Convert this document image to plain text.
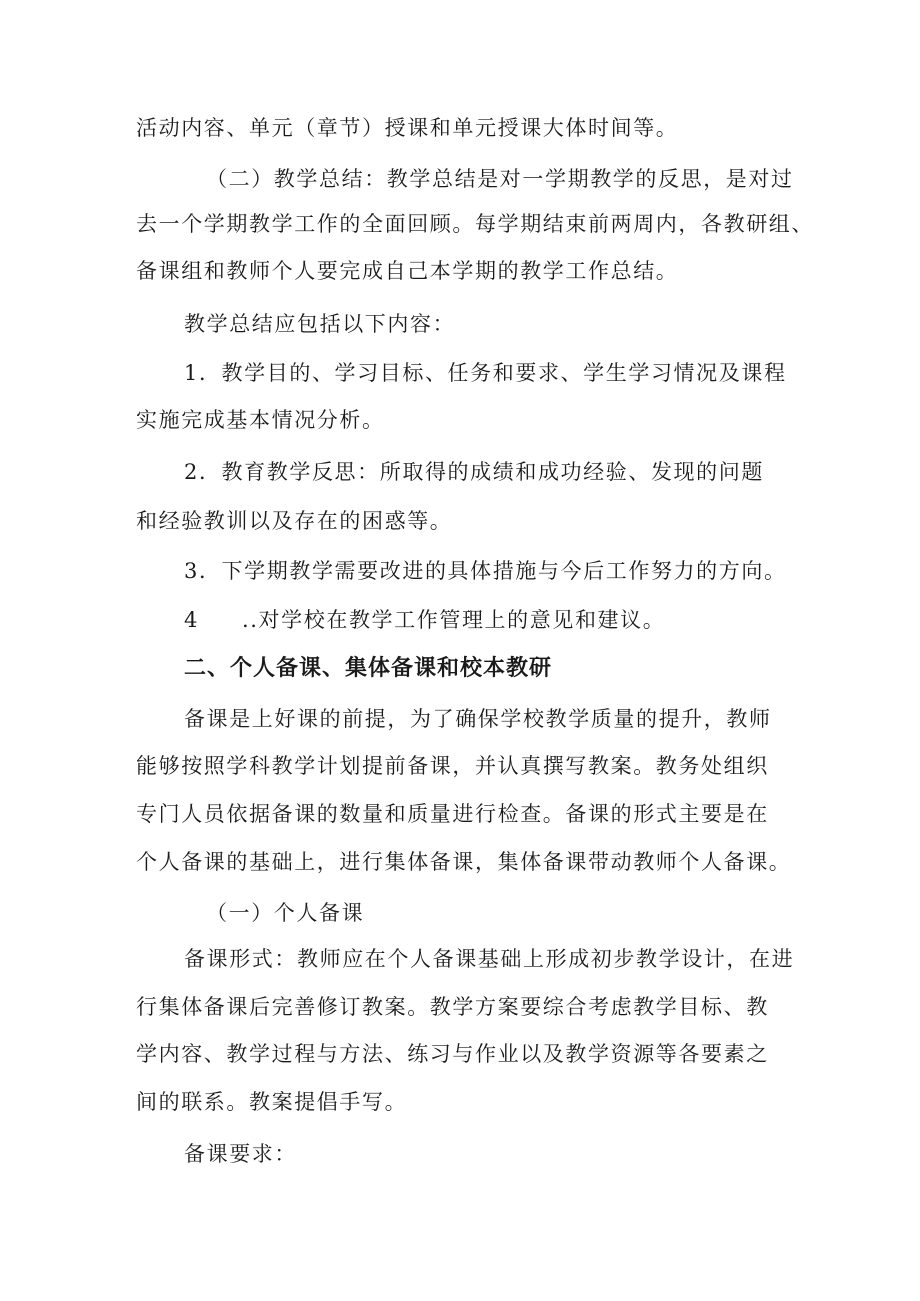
活动内容、单元（章节）授课和单元授课大体时间等。
（二）教学总结：教学总结是对一学期教学的反思，是对过
去一个学期教学工作的全面回顾。每学期结束前两周内，各教研组、
备课组和教师个人要完成自己本学期的教学工作总结。
教学总结应包括以下内容：
1．教学目的、学习目标、任务和要求、学生学习情况及课程
实施完成基本情况分析。
2．教育教学反思：所取得的成绩和成功经验、发现的问题
和经验教训以及存在的困惑等。
3．下学期教学需要改进的具体措施与今后工作努力的方向。
4 ..对学校在教学工作管理上的意见和建议。
二、个人备课、集体备课和校本教研
备课是上好课的前提，为了确保学校教学质量的提升，教师
能够按照学科教学计划提前备课，并认真撰写教案。教务处组织
专门人员依据备课的数量和质量进行检查。备课的形式主要是在
个人备课的基础上，进行集体备课，集体备课带动教师个人备课。
（一）个人备课
备课形式：教师应在个人备课基础上形成初步教学设计，在进
行集体备课后完善修订教案。教学方案要综合考虑教学目标、教
学内容、教学过程与方法、练习与作业以及教学资源等各要素之
间的联系。教案提倡手写。
备课要求：
